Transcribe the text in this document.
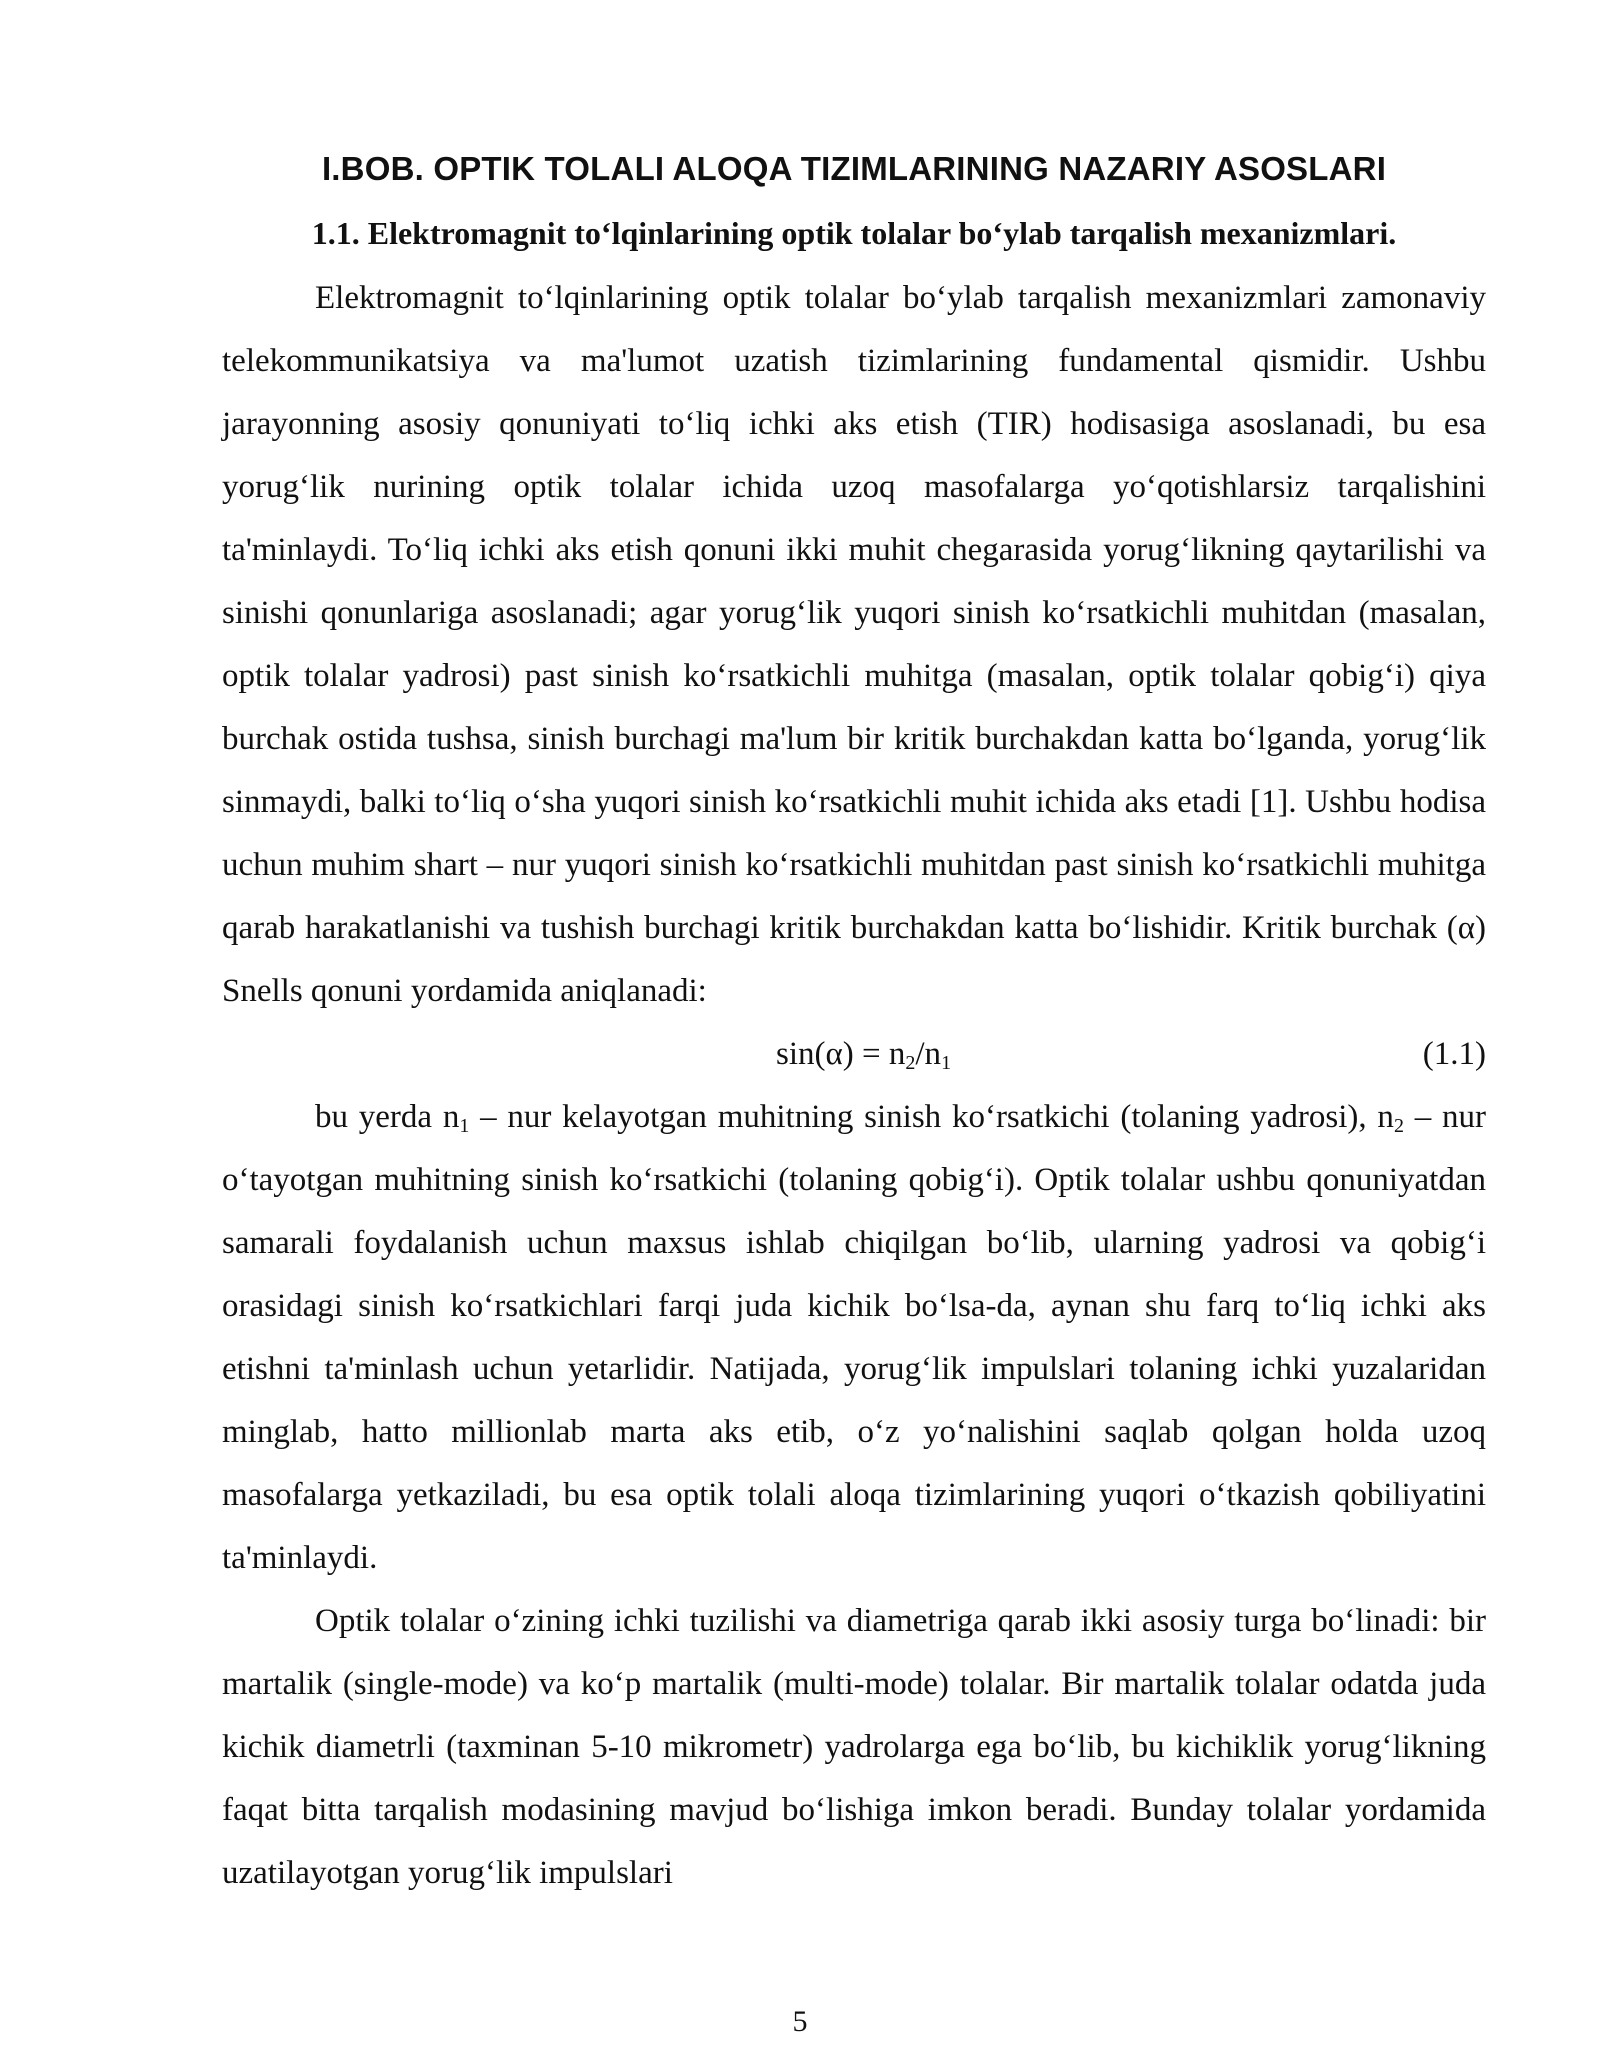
I.BOB. OPTIK TOLALI ALOQA TIZIMLARINING NAZARIY ASOSLARI
1.1. Elektromagnit to‘lqinlarining optik tolalar bo‘ylab tarqalish mexanizmlari.

Elektromagnit to‘lqinlarining optik tolalar bo‘ylab tarqalish mexanizmlari zamonaviy telekommunikatsiya va ma'lumot uzatish tizimlarining fundamental qismidir. Ushbu jarayonning asosiy qonuniyati to‘liq ichki aks etish (TIR) hodisasiga asoslanadi, bu esa yorug‘lik nurining optik tolalar ichida uzoq masofalarga yo‘qotishlarsiz tarqalishini ta'minlaydi. To‘liq ichki aks etish qonuni ikki muhit chegarasida yorug‘likning qaytarilishi va sinishi qonunlariga asoslanadi; agar yorug‘lik yuqori sinish ko‘rsatkichli muhitdan (masalan, optik tolalar yadrosi) past sinish ko‘rsatkichli muhitga (masalan, optik tolalar qobig‘i) qiya burchak ostida tushsa, sinish burchagi ma'lum bir kritik burchakdan katta bo‘lganda, yorug‘lik sinmaydi, balki to‘liq o‘sha yuqori sinish ko‘rsatkichli muhit ichida aks etadi [1]. Ushbu hodisa uchun muhim shart – nur yuqori sinish ko‘rsatkichli muhitdan past sinish ko‘rsatkichli muhitga qarab harakatlanishi va tushish burchagi kritik burchakdan katta bo‘lishidir. Kritik burchak (α) Snells qonuni yordamida aniqlanadi:

$\sin(\alpha) = n_2/n_1$	(1.1)

bu yerda $n_1$ – nur kelayotgan muhitning sinish ko‘rsatkichi (tolaning yadrosi), $n_2$ – nur o‘tayotgan muhitning sinish ko‘rsatkichi (tolaning qobig‘i). Optik tolalar ushbu qonuniyatdan samarali foydalanish uchun maxsus ishlab chiqilgan bo‘lib, ularning yadrosi va qobig‘i orasidagi sinish ko‘rsatkichlari farqi juda kichik bo‘lsa-da, aynan shu farq to‘liq ichki aks etishni ta'minlash uchun yetarlidir. Natijada, yorug‘lik impulslari tolaning ichki yuzalaridan minglab, hatto millionlab marta aks etib, o‘z yo‘nalishini saqlab qolgan holda uzoq masofalarga yetkaziladi, bu esa optik tolali aloqa tizimlarining yuqori o‘tkazish qobiliyatini ta'minlaydi.

Optik tolalar o‘zining ichki tuzilishi va diametriga qarab ikki asosiy turga bo‘linadi: bir martalik (single-mode) va ko‘p martalik (multi-mode) tolalar. Bir martalik tolalar odatda juda kichik diametrli (taxminan 5-10 mikrometr) yadrolarga ega bo‘lib, bu kichiklik yorug‘likning faqat bitta tarqalish modasining mavjud bo‘lishiga imkon beradi. Bunday tolalar yordamida uzatilayotgan yorug‘lik impulslari

5
